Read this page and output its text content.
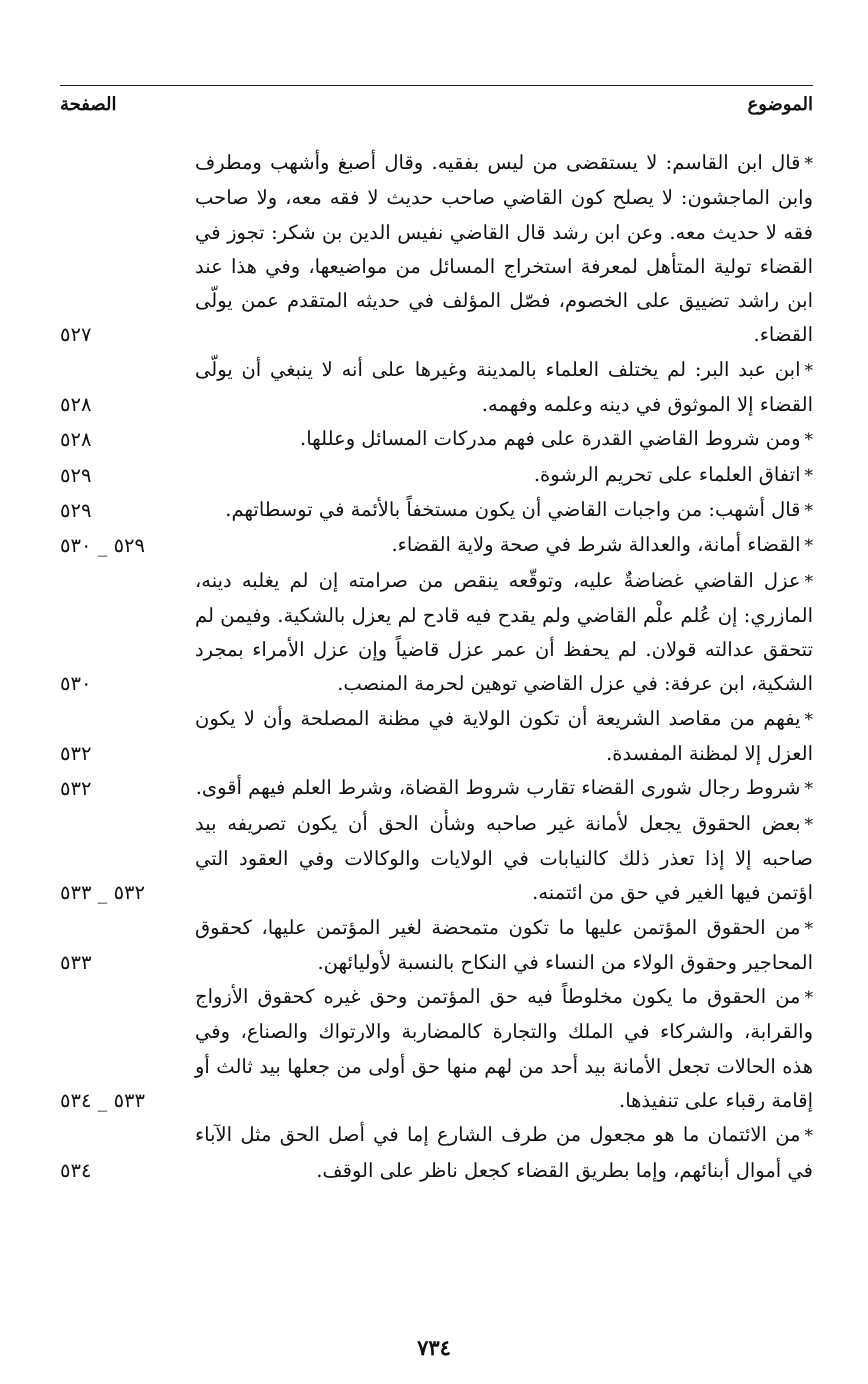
الموضوع
الصفحة
*قال ابن القاسم: لا يستقضى من ليس بفقيه. وقال أصبغ وأشهب ومطرف وابن الماجشون: لا يصلح كون القاضي صاحب حديث لا فقه معه، ولا صاحب فقه لا حديث معه. وعن ابن رشد قال القاضي نفيس الدين بن شكر: تجوز في القضاء تولية المتأهل لمعرفة استخراج المسائل من مواضيعها، وفي هذا عند ابن راشد تضييق على الخصوم، فصّل المؤلف في حديثه المتقدم عمن يولّى القضاء.
٥٢٧
*ابن عبد البر: لم يختلف العلماء بالمدينة وغيرها على أنه لا ينبغي أن يولّى القضاء إلا الموثوق في دينه وعلمه وفهمه.
٥٢٨
*ومن شروط القاضي القدرة على فهم مدركات المسائل وعللها.
٥٢٨
*اتفاق العلماء على تحريم الرشوة.
٥٢٩
*قال أشهب: من واجبات القاضي أن يكون مستخفاً بالأئمة في توسطاتهم.
٥٢٩
*القضاء أمانة، والعدالة شرط في صحة ولاية القضاء.
٥٢٩ _ ٥٣٠
*عزل القاضي غضاضةٌ عليه، وتوقّعه ينقص من صرامته إن لم يغلبه دينه، المازري: إن عُلم علْم القاضي ولم يقدح فيه قادح لم يعزل بالشكية. وفيمن لم تتحقق عدالته قولان. لم يحفظ أن عمر عزل قاضياً وإن عزل الأمراء بمجرد الشكية، ابن عرفة: في عزل القاضي توهين لحرمة المنصب.
٥٣٠
*يفهم من مقاصد الشريعة أن تكون الولاية في مظنة المصلحة وأن لا يكون العزل إلا لمظنة المفسدة.
٥٣٢
*شروط رجال شورى القضاء تقارب شروط القضاة، وشرط العلم فيهم أقوى.
٥٣٢
*بعض الحقوق يجعل لأمانة غير صاحبه وشأن الحق أن يكون تصريفه بيد صاحبه إلا إذا تعذر ذلك كالنيابات في الولايات والوكالات وفي العقود التي اؤتمن فيها الغير في حق من ائتمنه.
٥٣٢ _ ٥٣٣
*من الحقوق المؤتمن عليها ما تكون متمحضة لغير المؤتمن عليها، كحقوق المحاجير وحقوق الولاء من النساء في النكاح بالنسبة لأوليائهن.
٥٣٣
*من الحقوق ما يكون مخلوطاً فيه حق المؤتمن وحق غيره كحقوق الأزواج والقرابة، والشركاء في الملك والتجارة كالمضاربة والارتواك والصناع، وفي هذه الحالات تجعل الأمانة بيد أحد من لهم منها حق أولى من جعلها بيد ثالث أو إقامة رقباء على تنفيذها.
٥٣٣ _ ٥٣٤
*من الائتمان ما هو مجعول من طرف الشارع إما في أصل الحق مثل الآباء في أموال أبنائهم، وإما بطريق القضاء كجعل ناظر على الوقف.
٥٣٤
٧٣٤
